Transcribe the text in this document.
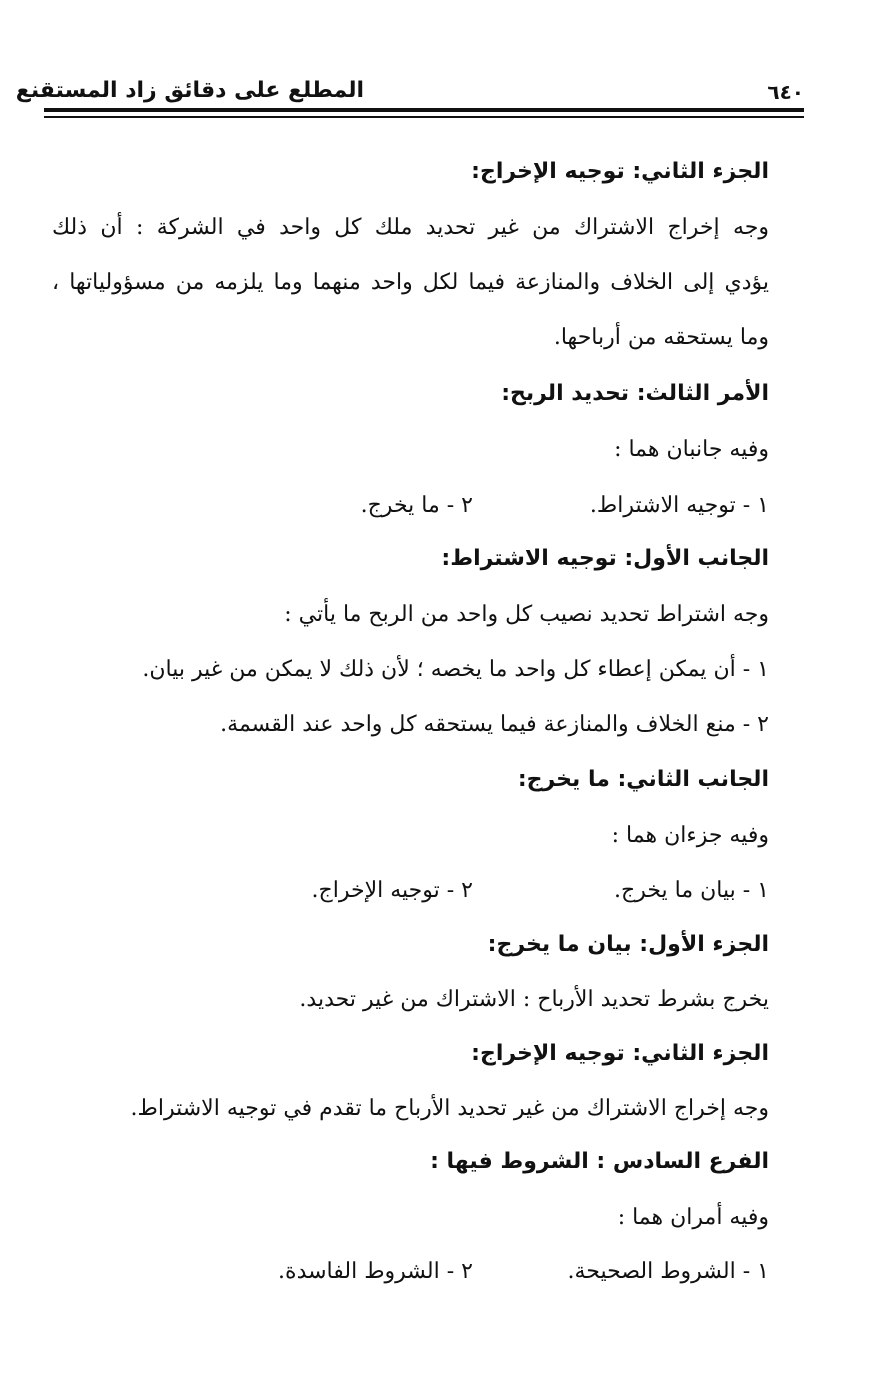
٦٤٠
المطلع على دقائق زاد المستقنع
الجزء الثاني: توجيه الإخراج:
وجه إخراج الاشتراك من غير تحديد ملك كل واحد في الشركة : أن ذلك
يؤدي إلى الخلاف والمنازعة فيما لكل واحد منهما وما يلزمه من مسؤولياتها ،
وما يستحقه من أرباحها.
الأمر الثالث: تحديد الربح:
وفيه جانبان هما :
١ - توجيه الاشتراط.
٢ - ما يخرج.
الجانب الأول: توجيه الاشتراط:
وجه اشتراط تحديد نصيب كل واحد من الربح ما يأتي :
١ - أن يمكن إعطاء كل واحد ما يخصه ؛ لأن ذلك لا يمكن من غير بيان.
٢ - منع الخلاف والمنازعة فيما يستحقه كل واحد عند القسمة.
الجانب الثاني: ما يخرج:
وفيه جزءان هما :
١ - بيان ما يخرج.
٢ - توجيه الإخراج.
الجزء الأول: بيان ما يخرج:
يخرج بشرط تحديد الأرباح : الاشتراك من غير تحديد.
الجزء الثاني: توجيه الإخراج:
وجه إخراج الاشتراك من غير تحديد الأرباح ما تقدم في توجيه الاشتراط.
الفرع السادس : الشروط فيها :
وفيه أمران هما :
١ - الشروط الصحيحة.
٢ - الشروط الفاسدة.
